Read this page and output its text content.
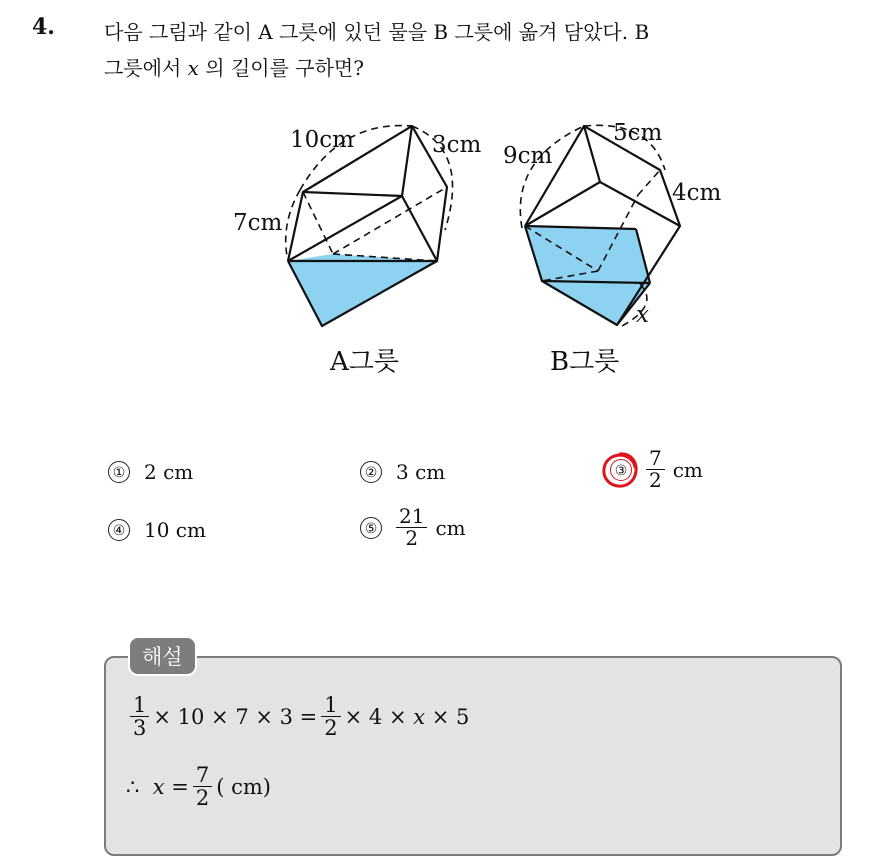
4. 다음 그림과 같이 A 그릇에 있던 물을 B 그릇에 옮겨 담았다. B
그릇에서 x 의 길이를 구하면?
10cm	3cm
7cm
A그릇
9cm
5cm
4cm
x
B그릇
① 2 cm	② 3 cm	③ $\frac{7}{2}$ cm
④ 10 cm	⑤ $\frac{21}{2}$ cm
해설
$\frac{1}{3} \times 10 \times 7 \times 3 = \frac{1}{2} \times 4$ ×
x
× 5
∴
x
= $\frac{7}{2}$ ( cm)
